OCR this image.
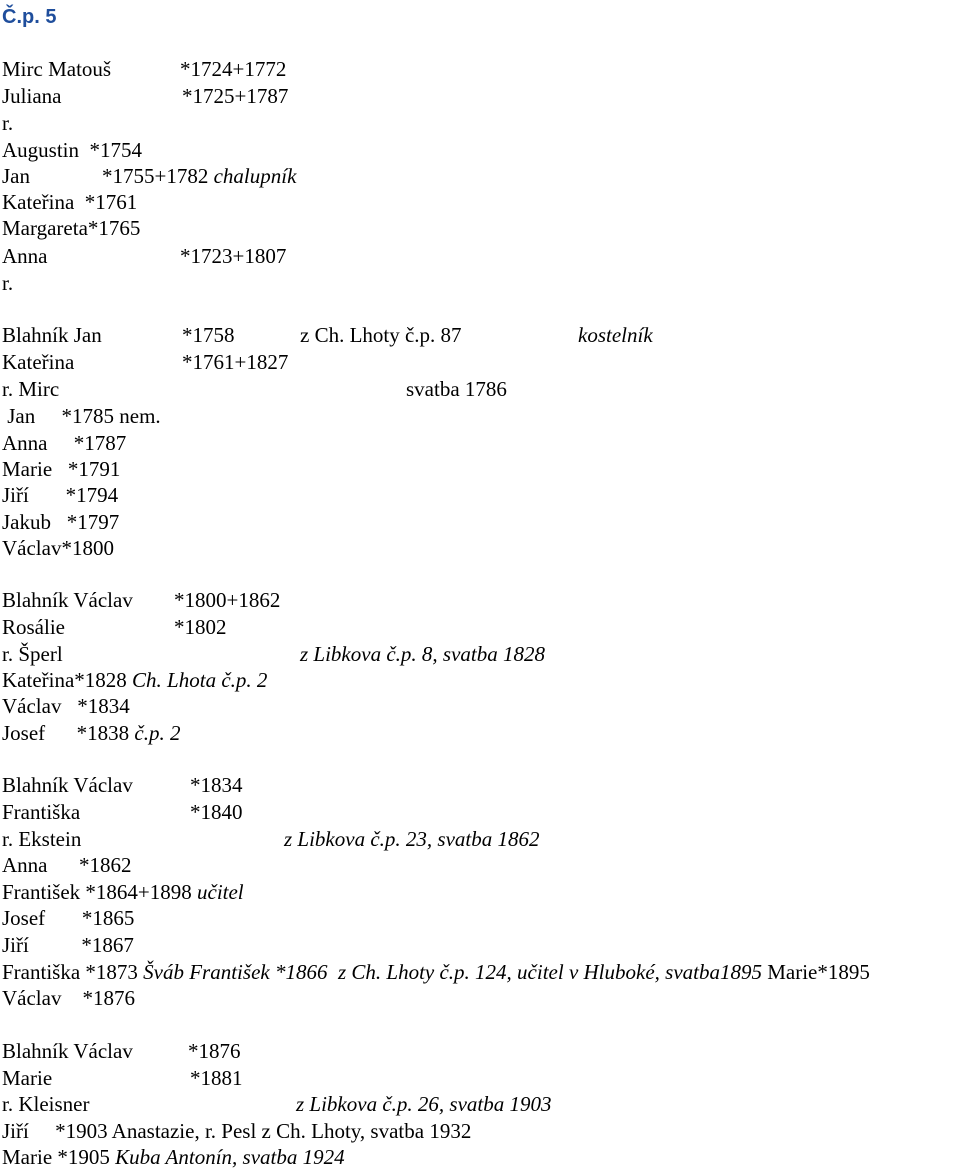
Č.p. 5

Mirc Matouš	*1724+1772

Juliana	*1725+1787

r.

Augustin  *1754

Jan	*1755+1782 chalupník

Kateřina  *1761

Margareta*1765

Anna	*1723+1807

r.

Blahník Jan	*1758	z Ch. Lhoty č.p. 87	kostelník

Kateřina	*1761+1827

r. Mirc	svatba 1786

Jan     *1785 nem.

Anna     *1787

Marie   *1791

Jiří       *1794

Jakub   *1797

Václav*1800

Blahník Václav *1800+1862

Rosálie	*1802

r. Šperl	z Libkova č.p. 8, svatba 1828

Kateřina*1828 Ch. Lhota č.p. 2

Václav   *1834

Josef      *1838 č.p. 2

Blahník Václav	*1834

Františka	*1840

r. Ekstein	z Libkova č.p. 23, svatba 1862

Anna      *1862

František *1864+1898 učitel

Josef       *1865

Jiří          *1867

Františka *1873 Šváb František *1866  z Ch. Lhoty č.p. 124, učitel v Hluboké, svatba1895 Marie*1895

Václav    *1876

Blahník Václav	*1876

Marie	*1881

r. Kleisner	z Libkova č.p. 26, svatba 1903

Jiří     *1903 Anastazie, r. Pesl z Ch. Lhoty, svatba 1932

Marie *1905 Kuba Antonín, svatba 1924
